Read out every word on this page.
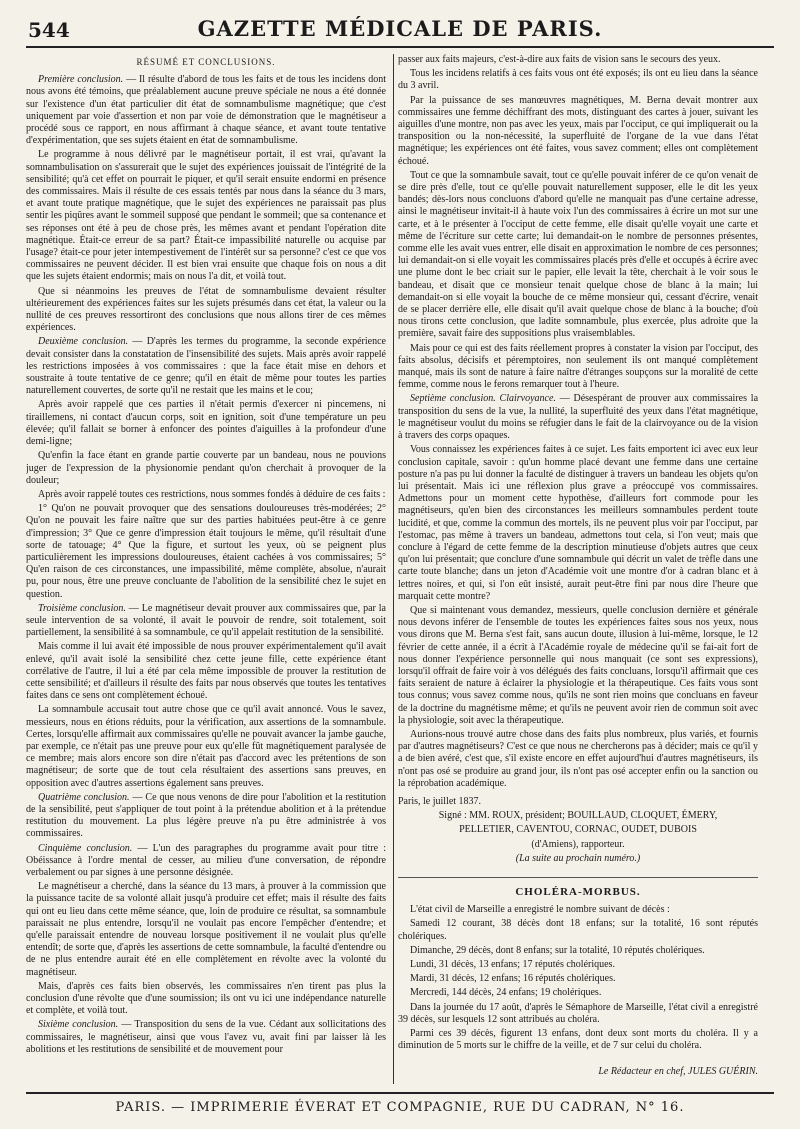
544	GAZETTE MÉDICALE DE PARIS.
RÉSUMÉ ET CONCLUSIONS.

Première conclusion. — Il résulte d'abord de tous les faits et de tous les incidens dont nous avons été témoins, que préalablement aucune preuve spéciale ne nous a été donnée sur l'existence d'un état particulier dit état de somnambulisme magnétique; que c'est uniquement par voie d'assertion et non par voie de démonstration que le magnétiseur a procédé sous ce rapport, en nous affirmant à chaque séance, et avant toute tentative d'expérimentation, que ses sujets étaient en état de somnambulisme.

Le programme à nous délivré par le magnétiseur portait, il est vrai, qu'avant la somnambulisation on s'assurerait que le sujet des expériences jouissait de l'intégrité de la sensibilité; qu'à cet effet on pourrait le piquer, et qu'il serait ensuite endormi en présence des commissaires. Mais il résulte de ces essais tentés par nous dans la séance du 3 mars, et avant toute pratique magnétique, que le sujet des expériences ne paraissait pas plus sentir les piqûres avant le sommeil supposé que pendant le sommeil; que sa contenance et ses réponses ont été à peu de chose près, les mêmes avant et pendant l'opération dite magnétique. Était-ce erreur de sa part? Était-ce impassibilité naturelle ou acquise par l'usage? était-ce pour jeter intempestivement de l'intérêt sur sa personne? c'est ce que vos commissaires ne peuvent décider. Il est bien vrai ensuite que chaque fois on nous a dit que les sujets étaient endormis; mais on nous l'a dit, et voilà tout.

Que si néanmoins les preuves de l'état de somnambulisme devaient résulter ultérieurement des expériences faites sur les sujets présumés dans cet état, la valeur ou la nullité de ces preuves ressortiront des conclusions que nous allons tirer de ces mêmes expériences.

Deuxième conclusion. — D'après les termes du programme, la seconde expérience devait consister dans la constatation de l'insensibilité des sujets. Mais après avoir rappelé les restrictions imposées à vos commissaires : que la face était mise en dehors et soustraite à toute tentative de ce genre; qu'il en était de même pour toutes les parties naturellement couvertes, de sorte qu'il ne restait que les mains et le cou;

Après avoir rappelé que ces parties il n'était permis d'exercer ni pincemens, ni tiraillemens, ni contact d'aucun corps, soit en ignition, soit d'une température un peu élevée; qu'il fallait se borner à enfoncer des pointes d'aiguilles à la profondeur d'une demi-ligne;

Qu'enfin la face étant en grande partie couverte par un bandeau, nous ne pouvions juger de l'expression de la physionomie pendant qu'on cherchait à provoquer de la douleur;

Après avoir rappelé toutes ces restrictions, nous sommes fondés à déduire de ces faits :

1° Qu'on ne pouvait provoquer que des sensations douloureuses très-modérées; 2° Qu'on ne pouvait les faire naître que sur des parties habituées peut-être à ce genre d'impression; 3° Que ce genre d'impression était toujours le même, qu'il résultait d'une sorte de tatouage; 4° Que la figure, et surtout les yeux, où se peignent plus particulièrement les impressions douloureuses, étaient cachées à vos commissaires; 5° Qu'en raison de ces circonstances, une impassibilité, même complète, absolue, n'aurait pu, pour nous, être une preuve concluante de l'abolition de la sensibilité chez le sujet en question.

Troisième conclusion. — Le magnétiseur devait prouver aux commissaires que, par la seule intervention de sa volonté, il avait le pouvoir de rendre, soit totalement, soit partiellement, la sensibilité à sa somnambule, ce qu'il appelait restitution de la sensibilité.

Mais comme il lui avait été impossible de nous prouver expérimentalement qu'il avait enlevé, qu'il avait isolé la sensibilité chez cette jeune fille, cette expérience étant corrélative de l'autre, il lui a été par cela même impossible de prouver la restitution de cette sensibilité; et d'ailleurs il résulte des faits par nous observés que toutes les tentatives faites dans ce sens ont complètement échoué.

La somnambule accusait tout autre chose que ce qu'il avait annoncé. Vous le savez, messieurs, nous en étions réduits, pour la vérification, aux assertions de la somnambule. Certes, lorsqu'elle affirmait aux commissaires qu'elle ne pouvait avancer la jambe gauche, par exemple, ce n'était pas une preuve pour eux qu'elle fût magnétiquement paralysée de ce membre; mais alors encore son dire n'était pas d'accord avec les prétentions de son magnétiseur; de sorte que de tout cela résultaient des assertions sans preuves, en opposition avec d'autres assertions également sans preuves.

Quatrième conclusion. — Ce que nous venons de dire pour l'abolition et la restitution de la sensibilité, peut s'appliquer de tout point à la prétendue abolition et à la prétendue restitution du mouvement. La plus légère preuve n'a pu être administrée à vos commissaires.

Cinquième conclusion. — L'un des paragraphes du programme avait pour titre : Obéissance à l'ordre mental de cesser, au milieu d'une conversation, de répondre verbalement ou par signes à une personne désignée.

Le magnétiseur a cherché, dans la séance du 13 mars, à prouver à la commission que la puissance tacite de sa volonté allait jusqu'à produire cet effet; mais il résulte des faits qui ont eu lieu dans cette même séance, que, loin de produire ce résultat, sa somnambule paraissait ne plus entendre, lorsqu'il ne voulait pas encore l'empêcher d'entendre; et qu'elle paraissait entendre de nouveau lorsque positivement il ne voulait plus qu'elle entendît; de sorte que, d'après les assertions de cette somnambule, la faculté d'entendre ou de ne plus entendre aurait été en elle complètement en révolte avec la volonté du magnétiseur.

Mais, d'après ces faits bien observés, les commissaires n'en tirent pas plus la conclusion d'une révolte que d'une soumission; ils ont vu ici une indépendance naturelle et complète, et voilà tout.

Sixième conclusion. — Transposition du sens de la vue. Cédant aux sollicitations des commissaires, le magnétiseur, ainsi que vous l'avez vu, avait fini par laisser là les abolitions et les restitutions de sensibilité et de mouvement pour

passer aux faits majeurs, c'est-à-dire aux faits de vision sans le secours des yeux.

Tous les incidens relatifs à ces faits vous ont été exposés; ils ont eu lieu dans la séance du 3 avril.

Par la puissance de ses manœuvres magnétiques, M. Berna devait montrer aux commissaires une femme déchiffrant des mots, distinguant des cartes à jouer, suivant les aiguilles d'une montre, non pas avec les yeux, mais par l'occiput, ce qui impliquerait ou la transposition ou la non-nécessité, la superfluité de l'organe de la vue dans l'état magnétique; les expériences ont été faites, vous savez comment; elles ont complètement échoué.

Tout ce que la somnambule savait, tout ce qu'elle pouvait inférer de ce qu'on venait de se dire près d'elle, tout ce qu'elle pouvait naturellement supposer, elle le dit les yeux bandés; dès-lors nous concluons d'abord qu'elle ne manquait pas d'une certaine adresse, ainsi le magnétiseur invitait-il à haute voix l'un des commissaires à écrire un mot sur une carte, et à le présenter à l'occiput de cette femme, elle disait qu'elle voyait une carte et même de l'écriture sur cette carte; lui demandait-on le nombre de personnes présentes, comme elle les avait vues entrer, elle disait en approximation le nombre de ces personnes; lui demandait-on si elle voyait les commissaires placés près d'elle et occupés à écrire avec une plume dont le bec criait sur le papier, elle levait la tête, cherchait à le voir sous le bandeau, et disait que ce monsieur tenait quelque chose de blanc à la main; lui demandait-on si elle voyait la bouche de ce même monsieur qui, cessant d'écrire, venait de se placer derrière elle, elle disait qu'il avait quelque chose de blanc à la bouche; d'où nous tirons cette conclusion, que ladite somnambule, plus exercée, plus adroite que la première, savait faire des suppositions plus vraisemblables.

Mais pour ce qui est des faits réellement propres à constater la vision par l'occiput, des faits absolus, décisifs et péremptoires, non seulement ils ont manqué complètement manqué, mais ils sont de nature à faire naître d'étranges soupçons sur la moralité de cette femme, comme nous le ferons remarquer tout à l'heure.

Septième conclusion. Clairvoyance. — Désespérant de prouver aux commissaires la transposition du sens de la vue, la nullité, la superfluité des yeux dans l'état magnétique, le magnétiseur voulut du moins se réfugier dans le fait de la clairvoyance ou de la vision à travers des corps opaques.

Vous connaissez les expériences faites à ce sujet. Les faits emportent ici avec eux leur conclusion capitale, savoir : qu'un homme placé devant une femme dans une certaine posture n'a pas pu lui donner la faculté de distinguer à travers un bandeau les objets qu'on lui présentait. Mais ici une réflexion plus grave a préoccupé vos commissaires. Admettons pour un moment cette hypothèse, d'ailleurs fort commode pour les magnétiseurs, qu'en bien des circonstances les meilleurs somnambules perdent toute lucidité, et que, comme la commun des mortels, ils ne peuvent plus voir par l'occiput, par l'estomac, pas même à travers un bandeau, admettons tout cela, si l'on veut; mais que conclure à l'égard de cette femme de la description minutieuse d'objets autres que ceux qu'on lui présentait; que conclure d'une somnambule qui décrit un valet de trèfle dans une carte toute blanche; dans un jeton d'Académie voit une montre d'or à cadran blanc et à lettres noires, et qui, si l'on eût insisté, aurait peut-être fini par nous dire l'heure que marquait cette montre?

Que si maintenant vous demandez, messieurs, quelle conclusion dernière et générale nous devons inférer de l'ensemble de toutes les expériences faites sous nos yeux, nous vous dirons que M. Berna s'est fait, sans aucun doute, illusion à lui-même, lorsque, le 12 février de cette année, il a écrit à l'Académie royale de médecine qu'il se fai-ait fort de nous donner l'expérience personnelle qui nous manquait (ce sont ses expressions), lorsqu'il offrait de faire voir à vos délégués des faits concluans, lorsqu'il affirmait que ces faits seraient de nature à éclairer la physiologie et la thérapeutique. Ces faits vous sont tous connus; vous savez comme nous, qu'ils ne sont rien moins que concluans en faveur de la doctrine du magnétisme même; et qu'ils ne peuvent avoir rien de commun soit avec la physiologie, soit avec la thérapeutique.

Aurions-nous trouvé autre chose dans des faits plus nombreux, plus variés, et fournis par d'autres magnétiseurs? C'est ce que nous ne chercherons pas à décider; mais ce qu'il y a de bien avéré, c'est que, s'il existe encore en effet aujourd'hui d'autres magnétiseurs, ils n'ont pas osé se produire au grand jour, ils n'ont pas osé accepter enfin ou la sanction ou la réprobation académique.

Paris, le juillet 1837.

Signé : MM. ROUX, président; BOUILLAUD, CLOQUET, ÉMERY,
PELLETIER, CAVENTOU, CORNAC, OUDET, DUBOIS
(d'Amiens), rapporteur.
(La suite au prochain numéro.)
CHOLÉRA-MORBUS.

L'état civil de Marseille a enregistré le nombre suivant de décès :

Samedi 12 courant, 38 décès dont 18 enfans; sur la totalité, 16 sont réputés cholériques.

Dimanche, 29 décès, dont 8 enfans; sur la totalité, 10 réputés cholériques.

Lundi, 31 décès, 13 enfans; 17 réputés cholériques.

Mardi, 31 décès, 12 enfans; 16 réputés cholériques.

Mercredi, 144 décès, 24 enfans; 19 cholériques.

Dans la journée du 17 août, d'après le Sémaphore de Marseille, l'état civil a enregistré 39 décès, sur lesquels 12 sont attribués au choléra.

Parmi ces 39 décès, figurent 13 enfans, dont deux sont morts du choléra. Il y a diminution de 5 morts sur le chiffre de la veille, et de 7 sur celui du choléra.

Le Rédacteur en chef, JULES GUÉRIN.
PARIS. — IMPRIMERIE ÉVERAT ET COMPAGNIE, RUE DU CADRAN, N° 16.
